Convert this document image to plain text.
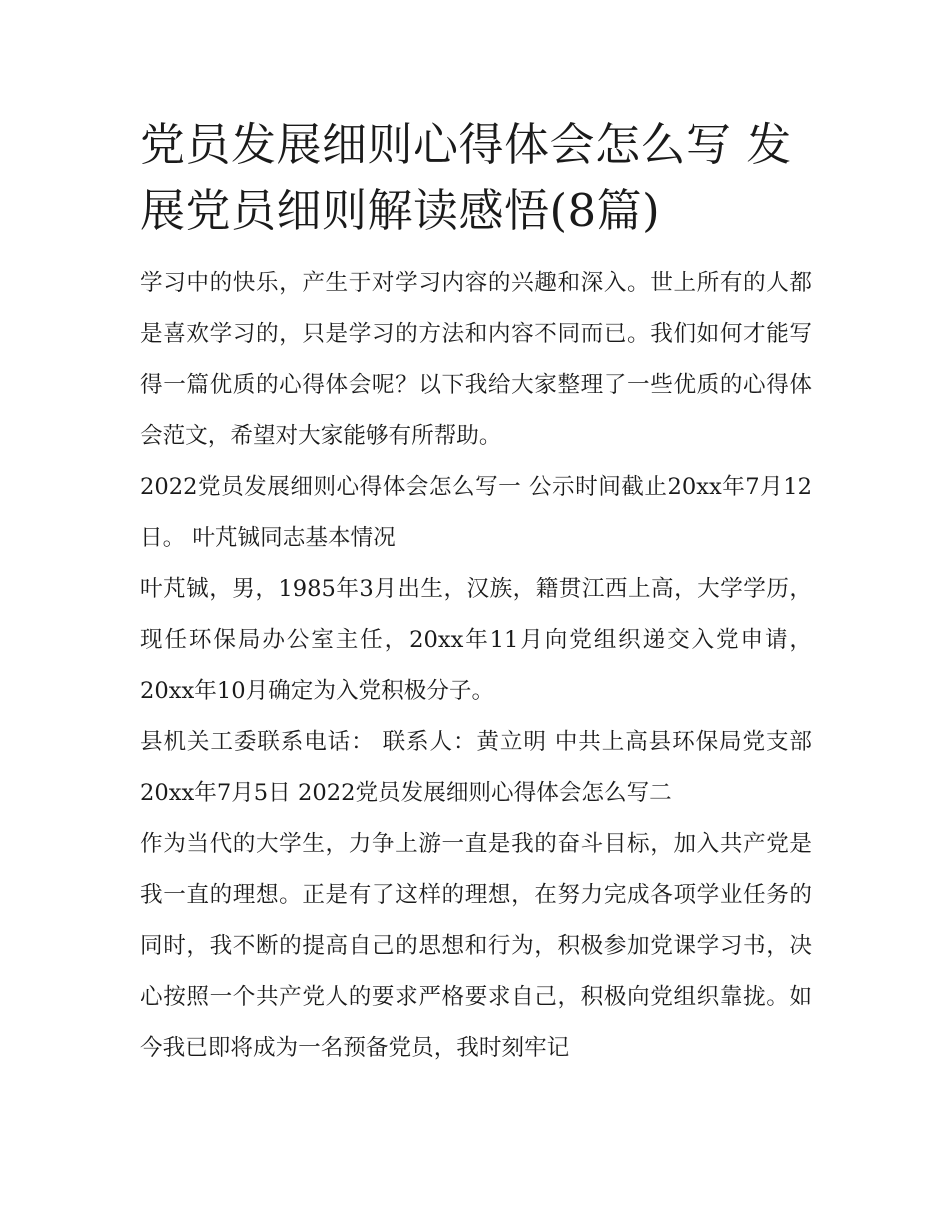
党员发展细则心得体会怎么写 发展党员细则解读感悟(8篇)

学习中的快乐，产生于对学习内容的兴趣和深入。世上所有的人都是喜欢学习的，只是学习的方法和内容不同而已。我们如何才能写得一篇优质的心得体会呢？以下我给大家整理了一些优质的心得体会范文，希望对大家能够有所帮助。

2022党员发展细则心得体会怎么写一 公示时间截止20xx年7月12日。 叶芃铖同志基本情况

叶芃铖，男，1985年3月出生，汉族，籍贯江西上高，大学学历，现任环保局办公室主任，20xx年11月向党组织递交入党申请，20xx年10月确定为入党积极分子。

县机关工委联系电话： 联系人：黄立明 中共上高县环保局党支部 20xx年7月5日 2022党员发展细则心得体会怎么写二

作为当代的大学生，力争上游一直是我的奋斗目标，加入共产党是我一直的理想。正是有了这样的理想，在努力完成各项学业任务的同时，我不断的提高自己的思想和行为，积极参加党课学习书，决心按照一个共产党人的要求严格要求自己，积极向党组织靠拢。如今我已即将成为一名预备党员，我时刻牢记
